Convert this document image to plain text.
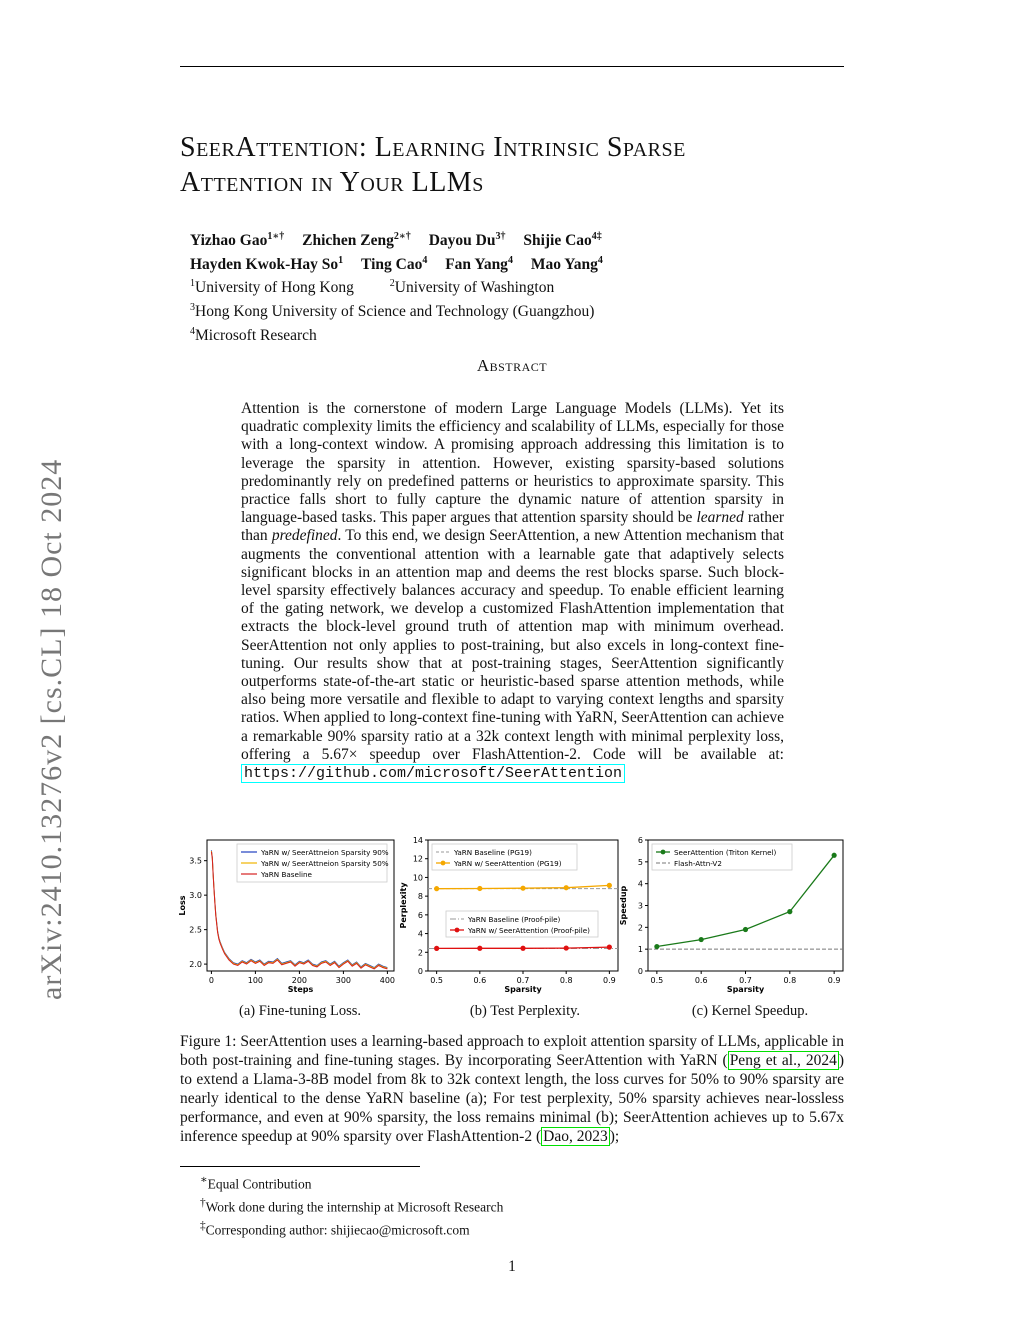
arXiv:2410.13276v2 [cs.CL] 18 Oct 2024
SeerAttention: Learning Intrinsic Sparse
Attention in Your LLMs
Yizhao Gao$^{1∗\dagger}$ Zhichen Zeng$^{2∗\dagger}$ Dayou $Du^{3\dagger}$ Shijie Cao$^{4\ddagger}$
Hayden Kwok-Hay So$^1$ Ting Cao$^4$ Fan Yang$^4$ Mao Yang$^4$
$^1$University of Hong Kong	$^2$University of Washington
$^3$Hong Kong University of Science and Technology (Guangzhou)
$^4$Microsoft Research
Abstract
Attention is the cornerstone of modern Large Language Models (LLMs). Yet its quadratic complexity limits the efficiency and scalability of LLMs, especially for those with a long-context window. A promising approach addressing this limitation is to leverage the sparsity in attention. However, existing sparsity-based solutions predominantly rely on predefined patterns or heuristics to approximate sparsity. This practice falls short to fully capture the dynamic nature of attention sparsity in language-based tasks. This paper argues that attention sparsity should be learned rather than predefined. To this end, we design SeerAttention, a new Attention mechanism that augments the conventional attention with a learnable gate that adaptively selects significant blocks in an attention map and deems the rest blocks sparse. Such block-level sparsity effectively balances accuracy and speedup. To enable efficient learning of the gating network, we develop a customized FlashAttention implementation that extracts the block-level ground truth of attention map with minimum overhead. SeerAttention not only applies to post-training, but also excels in long-context fine-tuning. Our results show that at post-training stages, SeerAttention significantly outperforms state-of-the-art static or heuristic-based sparse attention methods, while also being more versatile and flexible to adapt to varying context lengths and sparsity ratios. When applied to long-context fine-tuning with YaRN, SeerAttention can achieve a remarkable 90% sparsity ratio at a 32k context length with minimal perplexity loss, offering a 5.67× speedup over FlashAttention-2. Code will be available at: https://github.com/microsoft/SeerAttention
0	100	200	300	400
2.0
2.5
3.0
3.5
Steps
Loss
YaRN w/ SeerAttneion Sparsity 90%
YaRN w/ SeerAttneion Sparsity 50%
YaRN Baseline
0.5	0.6	0.7	0.8	0.9
0
2
4
6
8
10
12
14
Sparsity
Perplexity
YaRN Baseline (PG19)
YaRN w/ SeerAttention (PG19)
YaRN Baseline (Proof-pile)
YaRN w/ SeerAttention (Proof-pile)
0.5	0.6	0.7	0.8	0.9
0
1
2
3
4
5
6
Sparsity
Speedup
SeerAttention (Triton Kernel)
Flash-Attn-V2
(a) Fine-tuning Loss.	(b) Test Perplexity.	(c) Kernel Speedup.
Figure 1: SeerAttention uses a learning-based approach to exploit attention sparsity of LLMs, applicable in both post-training and fine-tuning stages. By incorporating SeerAttention with YaRN ( Peng et al., 2024 ) to extend a Llama-3-8B model from 8k to 32k context length, the loss curves for 50% to 90% sparsity are nearly identical to the dense YaRN baseline (a); For test perplexity, 50% sparsity achieves near-lossless performance, and even at 90% sparsity, the loss remains minimal (b); SeerAttention achieves up to 5.67x inference speedup at 90% sparsity over FlashAttention-2 ( Dao, 2023 );
∗Equal Contribution
†Work done during the internship at Microsoft Research
‡Corresponding author: shijiecao@microsoft.com
1
